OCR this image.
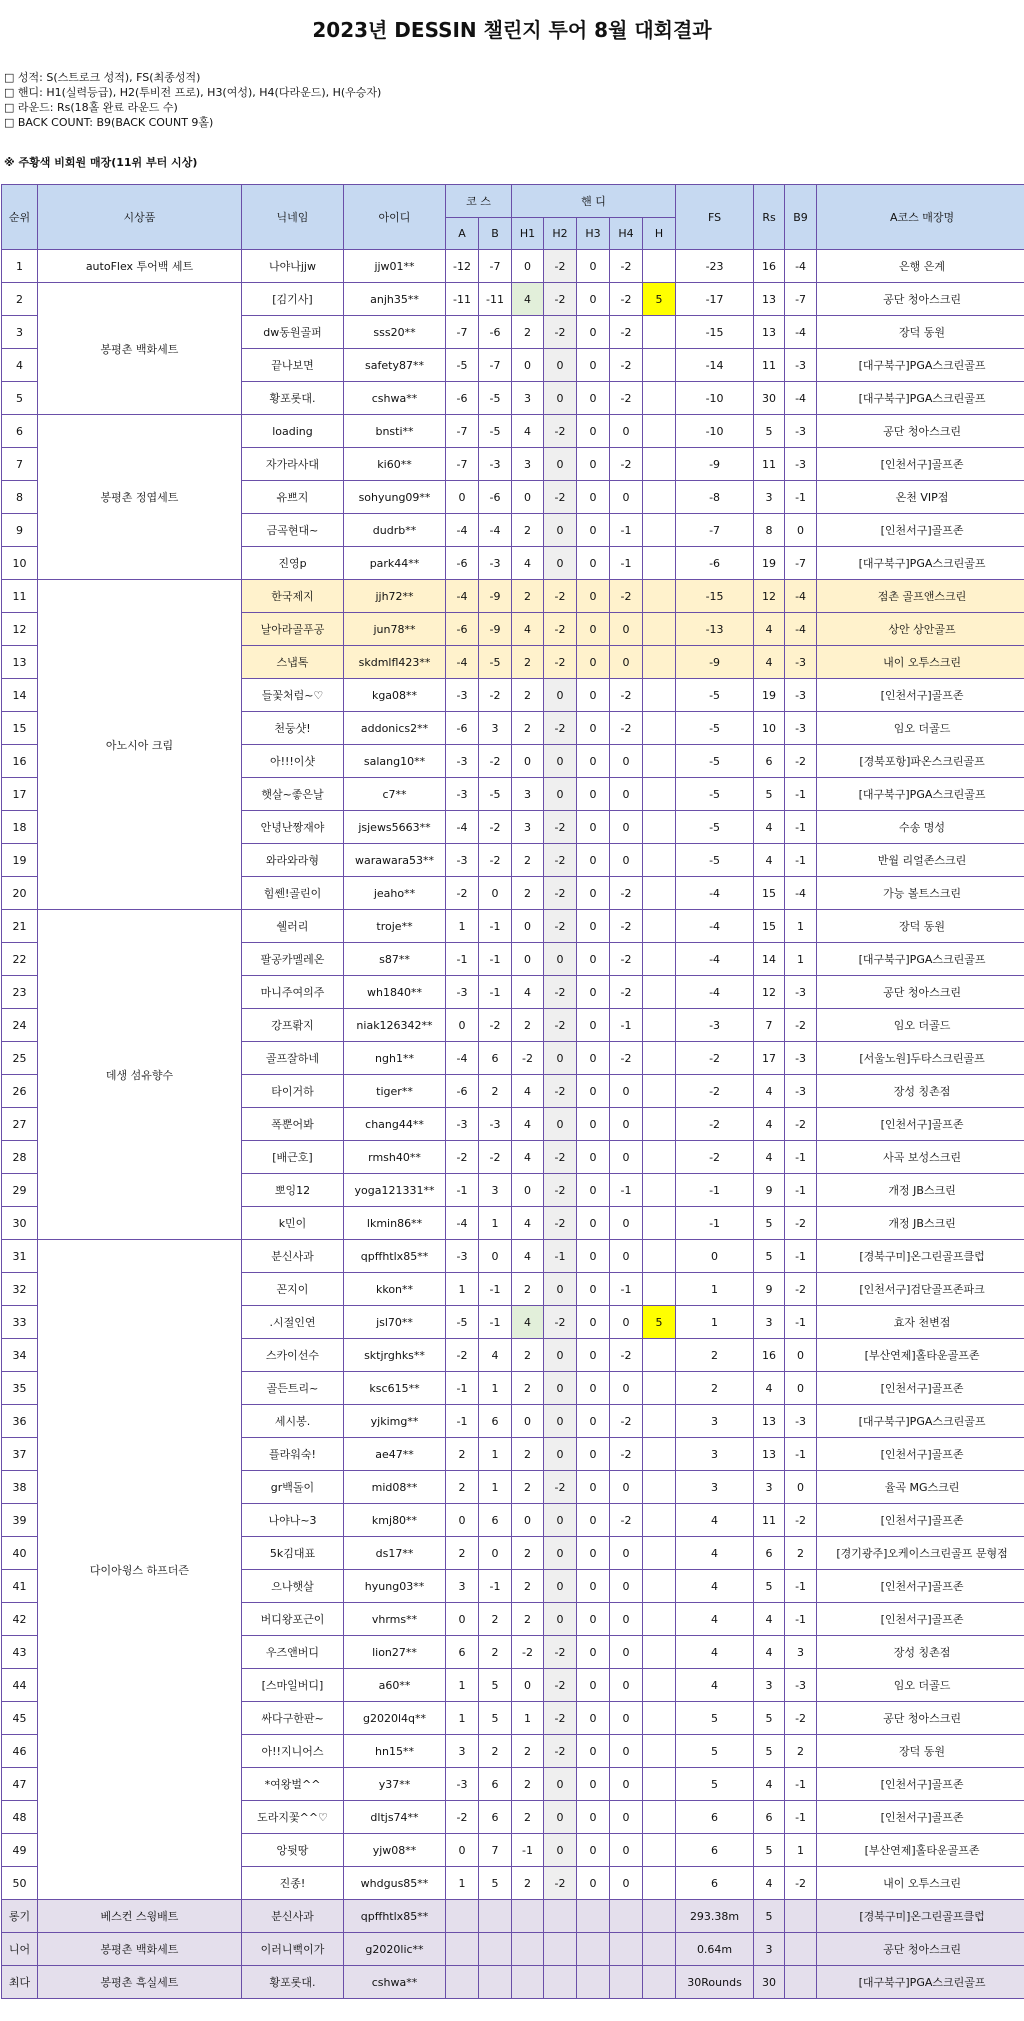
2023년 DESSIN 챌린지 투어 8월 대회결과
□ 성적: S(스트로크 성적), FS(최종성적)
□ 핸디: H1(실력등급), H2(투비전 프로), H3(여성), H4(다라운드), H(우승자)
□ 라운드: Rs(18홀 완료 라운드 수)
□ BACK COUNT: B9(BACK COUNT 9홀)
※ 주황색 비회원 매장(11위 부터 시상)
순위	시상품	닉네임	아이디	코 스		핸 디					FS	Rs	B9	A코스 매장명
				A	B	H1	H2	H3	H4	H				
1	autoFlex 투어백 세트	나야나jjw	jjw01**	-12	-7	0	-2	0	-2		-23	16	-4	은행 은계
2	봉평촌 백화세트	[김기사]	anjh35**	-11	-11	4	-2	0	-2	5	-17	13	-7	공단 청아스크린
3		dw동원골퍼	sss20**	-7	-6	2	-2	0	-2		-15	13	-4	장덕 동원
4		끝나보면	safety87**	-5	-7	0	0	0	-2		-14	11	-3	[대구북구]PGA스크린골프
5		황포롯대.	cshwa**	-6	-5	3	0	0	-2		-10	30	-4	[대구북구]PGA스크린골프
6	봉평촌 정엽세트	loading	bnsti**	-7	-5	4	-2	0	0		-10	5	-3	공단 청아스크린
7		자가라사대	ki60**	-7	-3	3	0	0	-2		-9	11	-3	[인천서구]골프존
8		유쁘지	sohyung09**	0	-6	0	-2	0	0		-8	3	-1	온천 VIP점
9		금곡현대~	dudrb**	-4	-4	2	0	0	-1		-7	8	0	[인천서구]골프존
10		진영p	park44**	-6	-3	4	0	0	-1		-6	19	-7	[대구북구]PGA스크린골프
11	아노시아 크림	한국제지	jjh72**	-4	-9	2	-2	0	-2		-15	12	-4	점촌 골프앤스크린
12		날아라골푸공	jun78**	-6	-9	4	-2	0	0		-13	4	-4	상안 상안골프
13		스냅톡	skdmlfl423**	-4	-5	2	-2	0	0		-9	4	-3	내이 오투스크린
14		들꽃처럼~♡	kga08**	-3	-2	2	0	0	-2		-5	19	-3	[인천서구]골프존
15		천둥샷!	addonics2**	-6	3	2	-2	0	-2		-5	10	-3	임오 더골드
16		아!!!이샷	salang10**	-3	-2	0	0	0	0		-5	6	-2	[경북포항]파온스크린골프
17		햇살~좋은날	c7**	-3	-5	3	0	0	0		-5	5	-1	[대구북구]PGA스크린골프
18		안녕난짱재야	jsjews5663**	-4	-2	3	-2	0	0		-5	4	-1	수송 명성
19		와라와라형	warawara53**	-3	-2	2	-2	0	0		-5	4	-1	반월 리얼존스크린
20		힘쎈!골린이	jeaho**	-2	0	2	-2	0	-2		-4	15	-4	가능 볼트스크린
21	데생 섬유향수	쉘러리	troje**	1	-1	0	-2	0	-2		-4	15	1	장덕 동원
22		팔공카멜레온	s87**	-1	-1	0	0	0	-2		-4	14	1	[대구북구]PGA스크린골프
23		마니주여의주	wh1840**	-3	-1	4	-2	0	-2		-4	12	-3	공단 청아스크린
24		강프롺지	niak126342**	0	-2	2	-2	0	-1		-3	7	-2	임오 더골드
25		골프잘하네	ngh1**	-4	6	-2	0	0	-2		-2	17	-3	[서울노원]두타스크린골프
26		타이거하	tiger**	-6	2	4	-2	0	0		-2	4	-3	장성 칭촌점
27		폭뿐어봐	chang44**	-3	-3	4	0	0	0		-2	4	-2	[인천서구]골프존
28		[배근호]	rmsh40**	-2	-2	4	-2	0	0		-2	4	-1	사곡 보성스크린
29		뽀잉12	yoga121331**	-1	3	0	-2	0	-1		-1	9	-1	개정 JB스크린
30		k민이	lkmin86**	-4	1	4	-2	0	0		-1	5	-2	개정 JB스크린
31	다이아윙스 하프더즌	분신사과	qpffhtlx85**	-3	0	4	-1	0	0		0	5	-1	[경북구미]온그린골프클럽
32		꼰지이	kkon**	1	-1	2	0	0	-1		1	9	-2	[인천서구]검단골프존파크
33		.시절인연	jsl70**	-5	-1	4	-2	0	0	5	1	3	-1	효자 천변점
34		스카이선수	sktjrghks**	-2	4	2	0	0	-2		2	16	0	[부산연제]홀타운골프존
35		골든트리~	ksc615**	-1	1	2	0	0	0		2	4	0	[인천서구]골프존
36		세시봉.	yjkimg**	-1	6	0	0	0	-2		3	13	-3	[대구북구]PGA스크린골프
37		플라워숙!	ae47**	2	1	2	0	0	-2		3	13	-1	[인천서구]골프존
38		gr백돌이	mid08**	2	1	2	-2	0	0		3	3	0	율곡 MG스크린
39		나야나~3	kmj80**	0	6	0	0	0	-2		4	11	-2	[인천서구]골프존
40		5k김대표	ds17**	2	0	2	0	0	0		4	6	2	[경기광주]오케이스크린골프 문형점
41		으나햇살	hyung03**	3	-1	2	0	0	0		4	5	-1	[인천서구]골프존
42		버디왕포근이	vhrms**	0	2	2	0	0	0		4	4	-1	[인천서구]골프존
43		우즈앤버디	lion27**	6	2	-2	-2	0	0		4	4	3	장성 칭촌점
44		[스마일버디]	a60**	1	5	0	-2	0	0		4	3	-3	임오 더골드
45		싸다구한판~	g2020l4q**	1	5	1	-2	0	0		5	5	-2	공단 청아스크린
46		아!!지니어스	hn15**	3	2	2	-2	0	0		5	5	2	장덕 동원
47		*여왕벌^^	y37**	-3	6	2	0	0	0		5	4	-1	[인천서구]골프존
48		도라지꽃^^♡	dltjs74**	-2	6	2	0	0	0		6	6	-1	[인천서구]골프존
49		앙뒷땅	yjw08**	0	7	-1	0	0	0		6	5	1	[부산연제]홀타운골프존
50		진종!	whdgus85**	1	5	2	-2	0	0		6	4	-2	내이 오투스크린
롱기	베스컨 스윙배트	분신사과	qpffhtlx85**								293.38m	5		[경북구미]온그린골프클럽
니어	봉평촌 백화세트	이러니뻑이가	g2020lic**								0.64m	3		공단 청아스크린
최다	봉평촌 흑실세트	황포롯대.	cshwa**								30Rounds	30		[대구북구]PGA스크린골프
